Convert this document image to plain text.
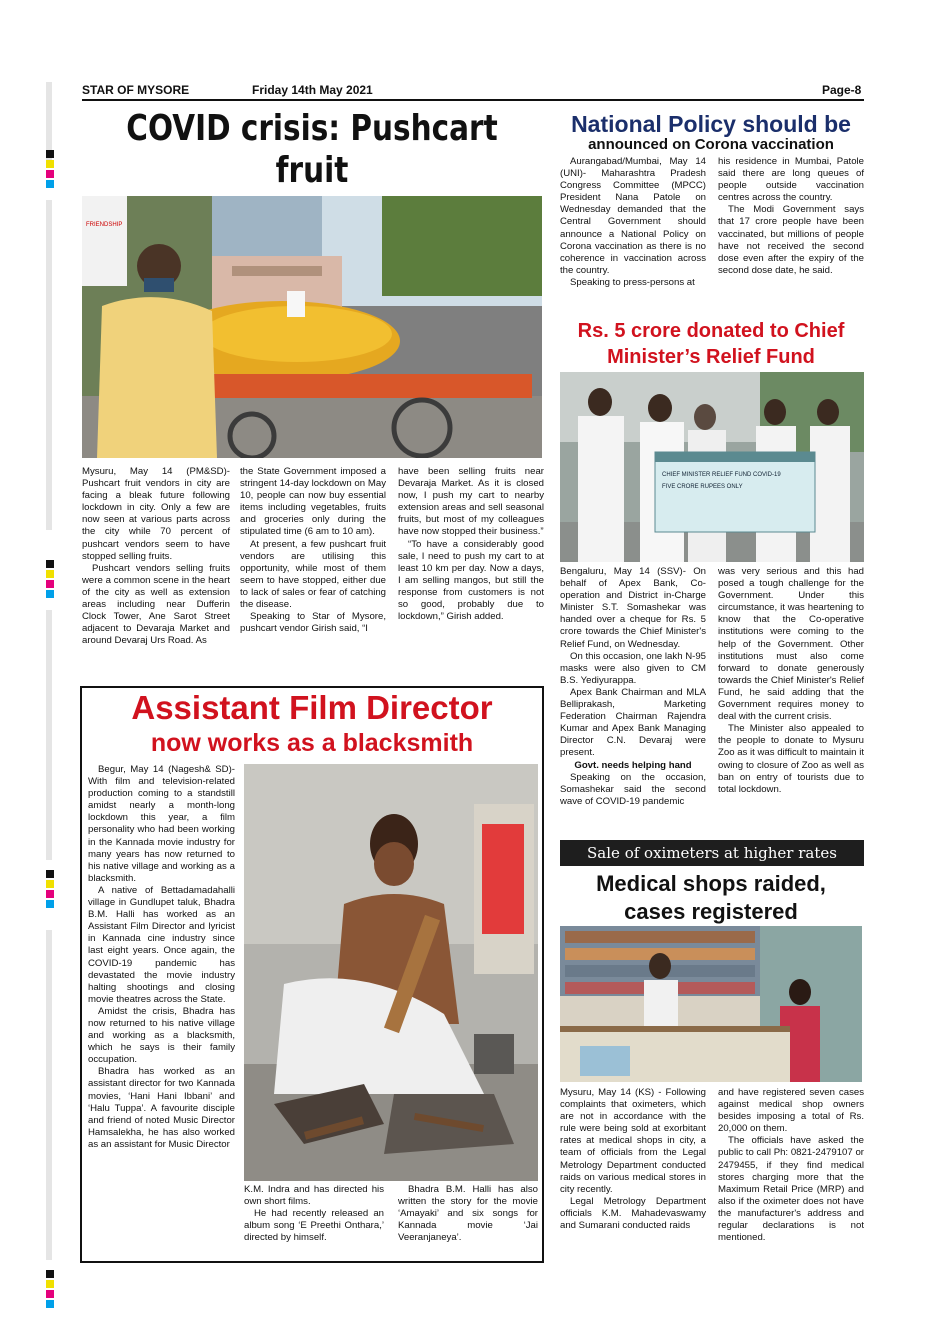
STAR OF MYSORE	Friday 14th May 2021	Page-8
COVID crisis: Pushcart fruit
FRIENDSHIP

Mysuru, May 14 (PM&SD)- Pushcart fruit vendors in city are facing a bleak future following lockdown in city. Only a few are now seen at various parts across the city while 70 percent of pushcart vendors seem to have stopped selling fruits.

Pushcart vendors selling fruits were a common scene in the heart of the city as well as extension areas including near Dufferin Clock Tower, Ane Sarot Street adjacent to Devaraja Market and around Devaraj Urs Road. As

the State Government imposed a stringent 14-day lockdown on May 10, people can now buy essential items including vegetables, fruits and groceries only during the stipulated time (6 am to 10 am).

At present, a few pushcart fruit vendors are utilising this opportunity, while most of them seem to have stopped, either due to lack of sales or fear of catching the disease.

Speaking to Star of Mysore, pushcart vendor Girish said, “I

have been selling fruits near Devaraja Market. As it is closed now, I push my cart to nearby extension areas and sell seasonal fruits, but most of my colleagues have now stopped their business.”

“To have a considerably good sale, I need to push my cart to at least 10 km per day. Now a days, I am selling mangos, but still the response from customers is not so good, probably due to lockdown,” Girish added.

National Policy should be
announced on Corona vaccination

Aurangabad/Mumbai, May 14 (UNI)- Maharashtra Pradesh Congress Committee (MPCC) President Nana Patole on Wednesday demanded that the Central Government should announce a National Policy on Corona vaccination as there is no coherence in vaccination across the country.

Speaking to press-persons at

his residence in Mumbai, Patole said there are long queues of people outside vaccination centres across the country.

The Modi Government says that 17 crore people have been vaccinated, but millions of people have not received the second dose even after the expiry of the second dose date, he said.

Rs. 5 crore donated to Chief
Minister’s Relief Fund
CHIEF MINISTER RELIEF FUND COVID-19
FIVE CRORE RUPEES ONLY

Bengaluru, May 14 (SSV)- On behalf of Apex Bank, Co-operation and District in-Charge Minister S.T. Somashekar was handed over a cheque for Rs. 5 crore towards the Chief Minister's Relief Fund, on Wednesday.

On this occasion, one lakh N-95 masks were also given to CM B.S. Yediyurappa.

Apex Bank Chairman and MLA Belliprakash, Marketing Federation Chairman Rajendra Kumar and Apex Bank Managing Director C.N. Devaraj were present.

Govt. needs helping hand

Speaking on the occasion, Somashekar said the second wave of COVID-19 pandemic

was very serious and this had posed a tough challenge for the Government. Under this circumstance, it was heartening to know that the Co-operative institutions were coming to the help of the Government. Other institutions must also come forward to donate generously towards the Chief Minister's Relief Fund, he said adding that the Government requires money to deal with the current crisis.

The Minister also appealed to the people to donate to Mysuru Zoo as it was difficult to maintain it owing to closure of Zoo as well as ban on entry of tourists due to total lockdown.

Assistant Film Director
now works as a blacksmith

Begur, May 14 (Nagesh& SD)- With film and television-related production coming to a standstill amidst nearly a month-long lockdown this year, a film personality who had been working in the Kannada movie industry for many years has now returned to his native village and working as a blacksmith.

A native of Bettadamadahalli village in Gundlupet taluk, Bhadra B.M. Halli has worked as an Assistant Film Director and lyricist in Kannada cine industry since last eight years. Once again, the COVID-19 pandemic has devastated the movie industry halting shootings and closing movie theatres across the State.

Amidst the crisis, Bhadra has now returned to his native village and working as a blacksmith, which he says is their family occupation.

Bhadra has worked as an assistant director for two Kannada movies, ‘Hani Hani Ibbani’ and ‘Halu Tuppa’. A favourite disciple and friend of noted Music Director Hamsalekha, he has also worked as an assistant for Music Director

K.M. Indra and has directed his own short films.

He had recently released an album song ‘E Preethi Onthara,’ directed by himself.

Bhadra B.M. Halli has also written the story for the movie ‘Amayaki’ and six songs for Kannada movie ‘Jai Veeranjaneya’.

Sale of oximeters at higher rates
Medical shops raided,
cases registered

Mysuru, May 14 (KS) - Following complaints that oximeters, which are not in accordance with the rule were being sold at exorbitant rates at medical shops in city, a team of officials from the Legal Metrology Department conducted raids on various medical stores in city recently.

Legal Metrology Department officials K.M. Mahadevaswamy and Sumarani conducted raids

and have registered seven cases against medical shop owners besides imposing a total of Rs. 20,000 on them.

The officials have asked the public to call Ph: 0821-2479107 or 2479455, if they find medical stores charging more that the Maximum Retail Price (MRP) and also if the oximeter does not have the manufacturer's address and regular declarations is not mentioned.
